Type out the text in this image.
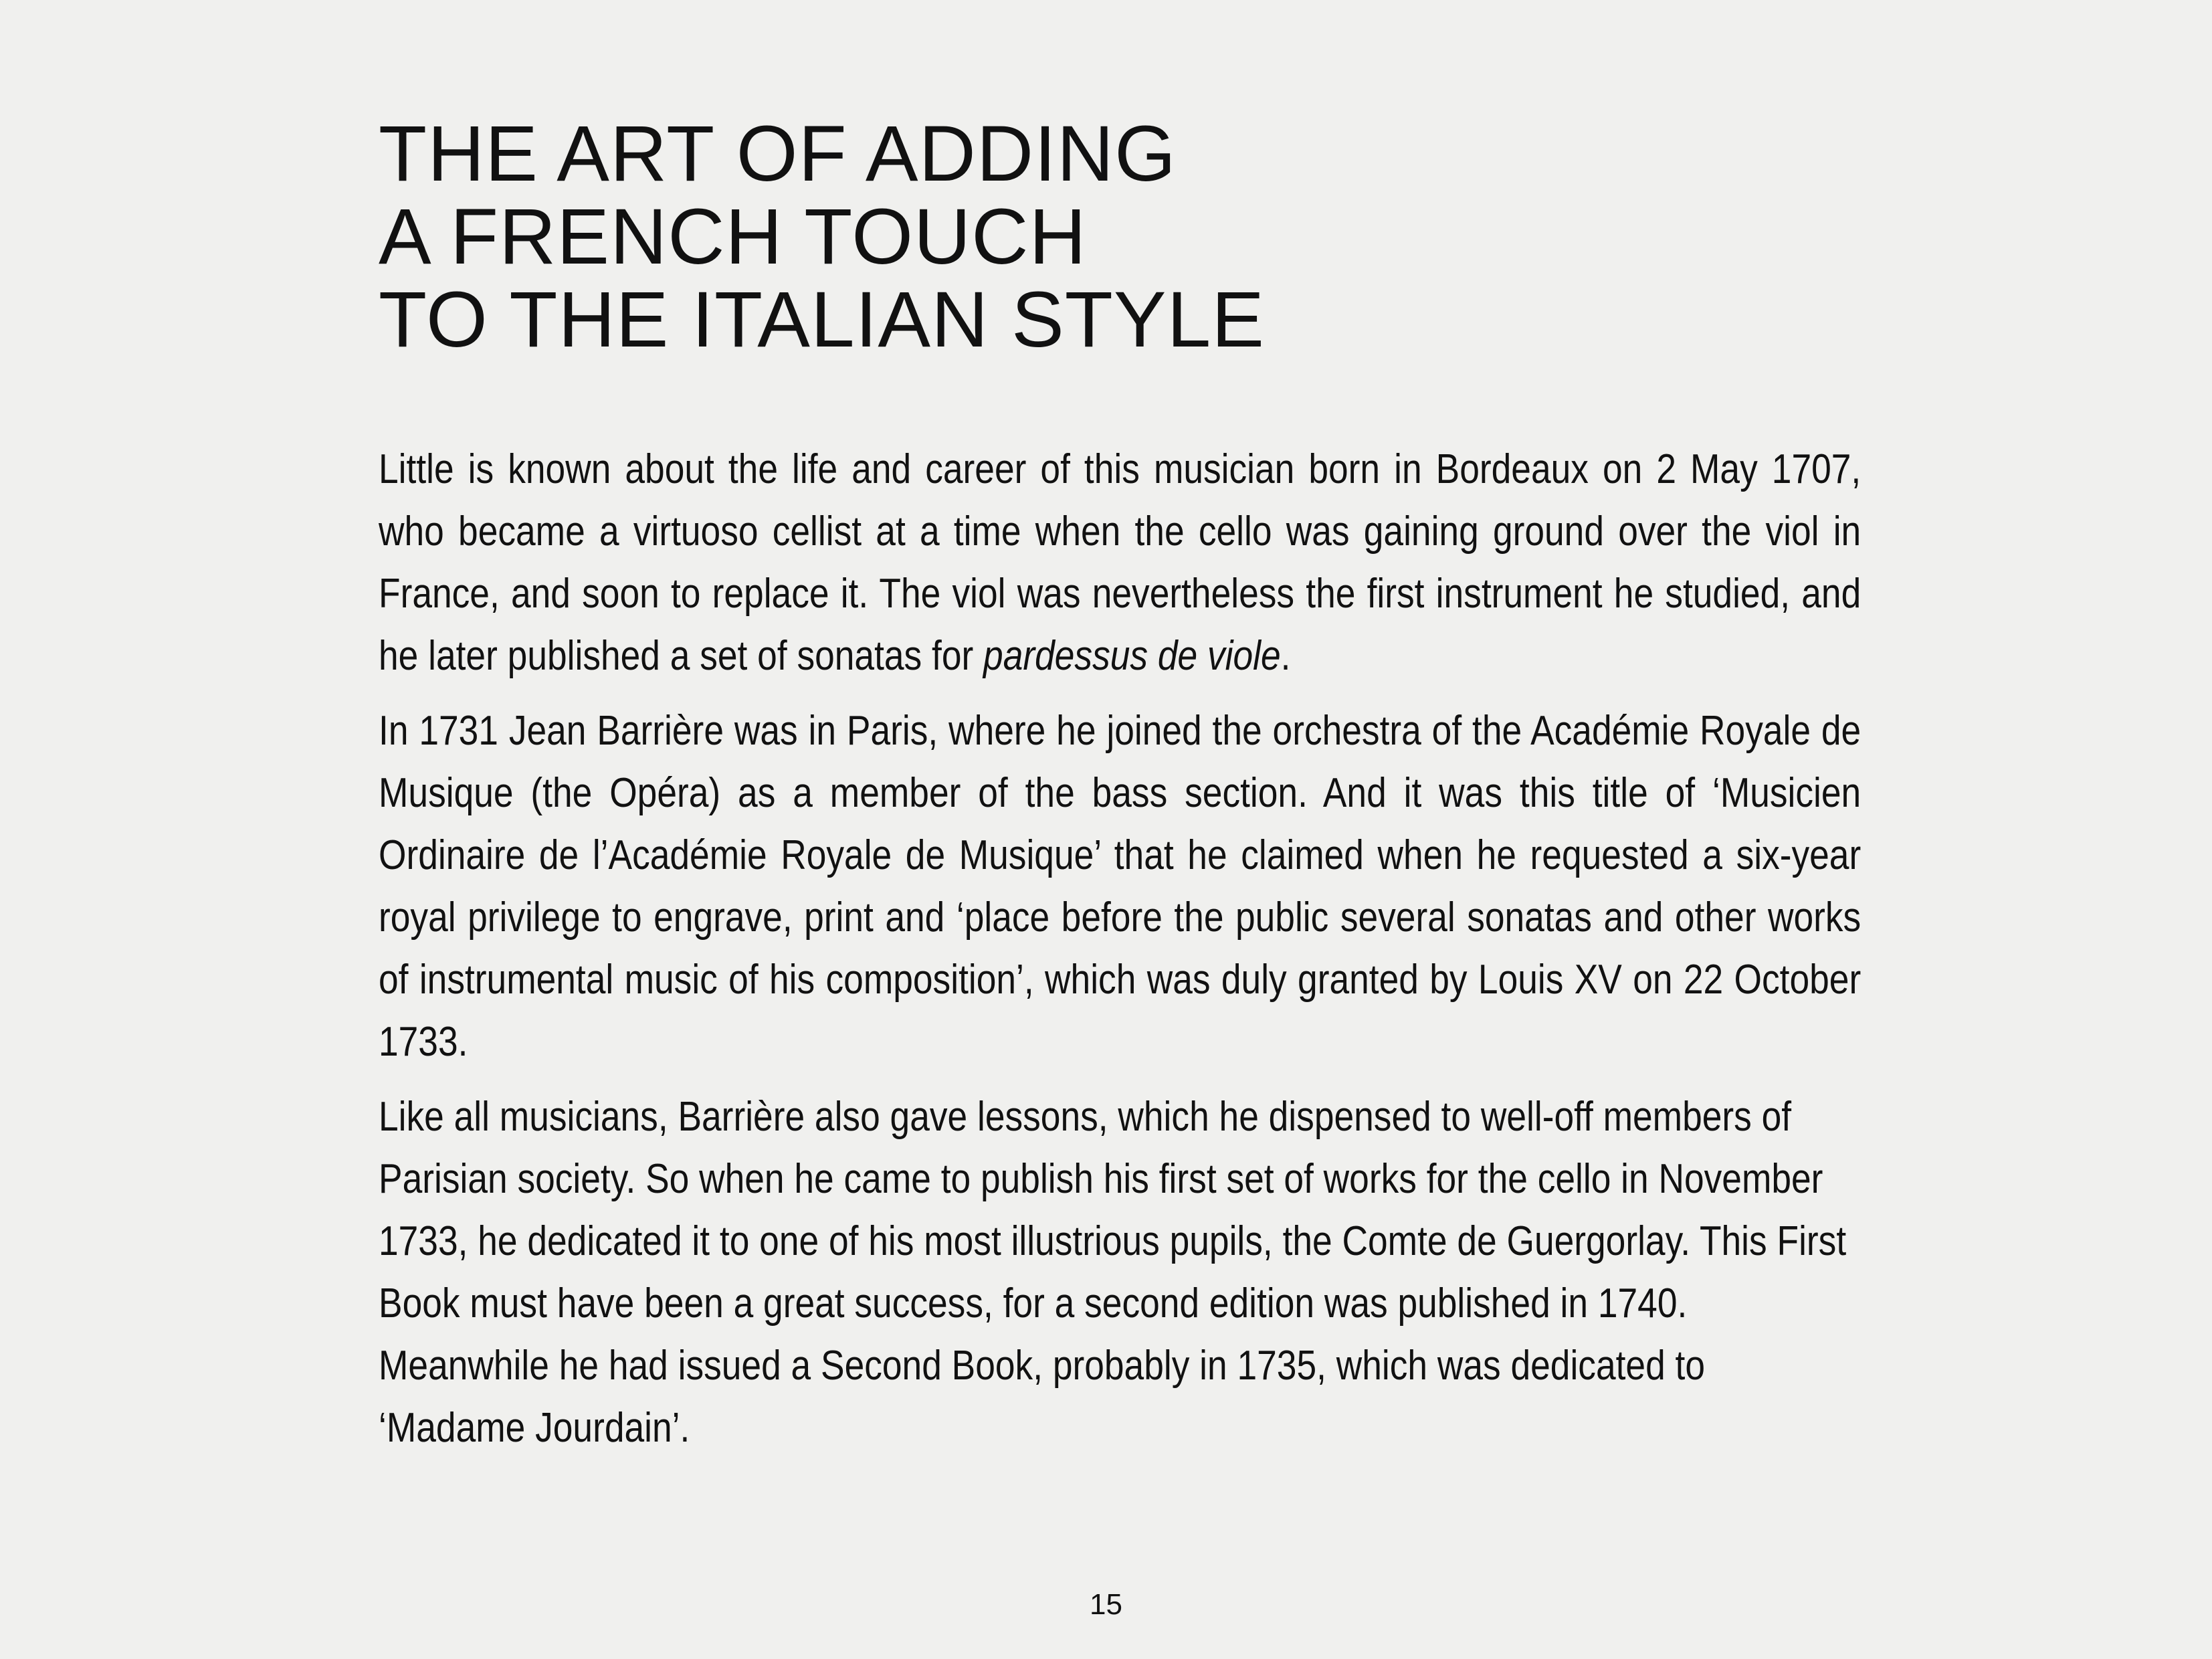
THE ART OF ADDING
A FRENCH TOUCH
TO THE ITALIAN STYLE

Little is known about the life and career of this musician born in Bordeaux on 2 May 1707, who became a virtuoso cellist at a time when the cello was gaining ground over the viol in France, and soon to replace it. The viol was nevertheless the first instrument he studied, and he later published a set of sonatas for pardessus de viole.

In 1731 Jean Barrière was in Paris, where he joined the orchestra of the Académie Royale de Musique (the Opéra) as a member of the bass section. And it was this title of ‘Musicien Ordinaire de l’Académie Royale de Musique’ that he claimed when he requested a six-year royal privilege to engrave, print and ‘place before the public several sonatas and other works of instrumental music of his composition’, which was duly granted by Louis XV on 22 October 1733.

Like all musicians, Barrière also gave lessons, which he dispensed to well-off members of Parisian society. So when he came to publish his first set of works for the cello in November 1733, he dedicated it to one of his most illustrious pupils, the Comte de Guergorlay. This First Book must have been a great success, for a second edition was published in 1740. Meanwhile he had issued a Second Book, probably in 1735, which was dedicated to ‘Madame Jourdain’.

15
